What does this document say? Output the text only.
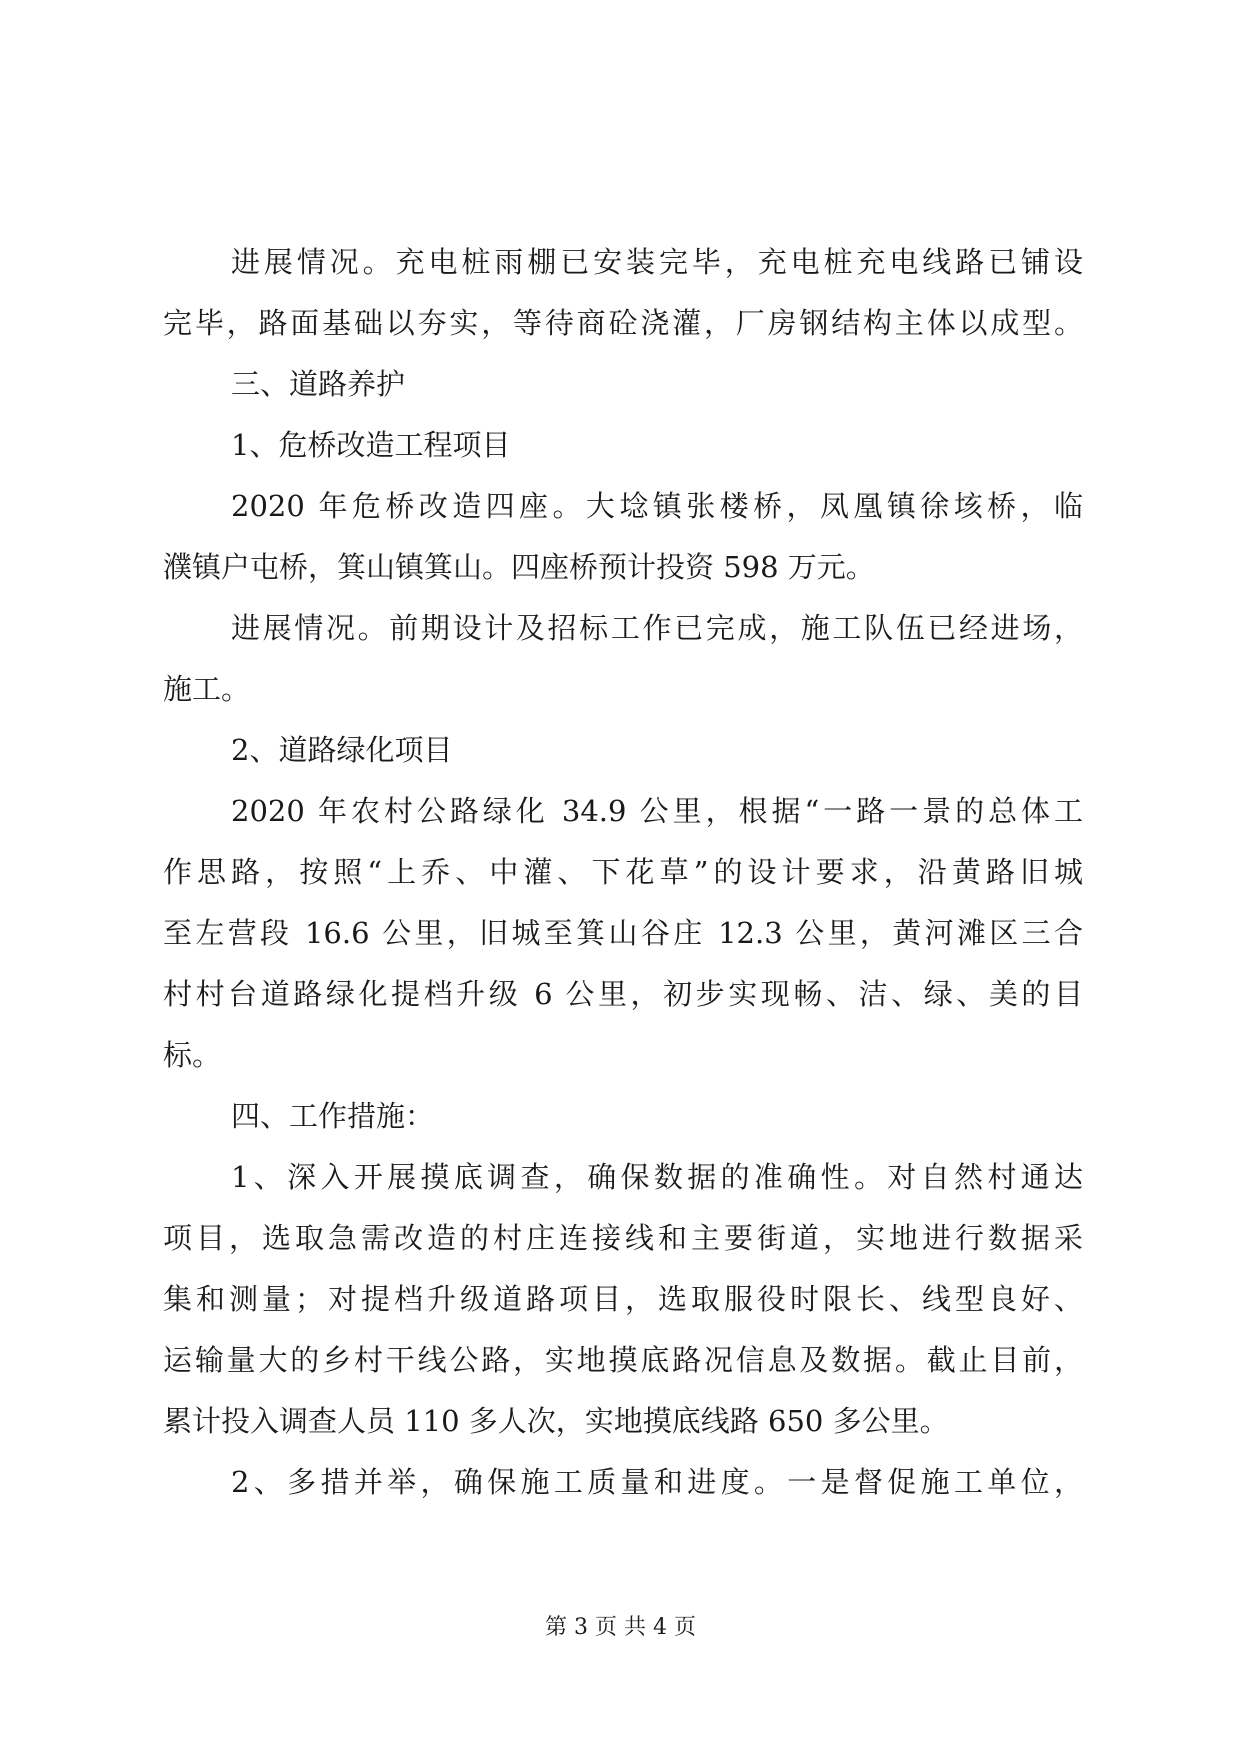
进展情况。充电桩雨棚已安装完毕，充电桩充电线路已铺设
完毕，路面基础以夯实，等待商砼浇灌，厂房钢结构主体以成型。
三、道路养护
1、危桥改造工程项目
2020 年危桥改造四座。大埝镇张楼桥，凤凰镇徐垓桥，临
濮镇户屯桥，箕山镇箕山。四座桥预计投资 598 万元。
进展情况。前期设计及招标工作已完成，施工队伍已经进场，
施工。
2、道路绿化项目
2020 年农村公路绿化 34.9 公里，根据“一路一景的总体工
作思路，按照“上乔、中灌、下花草”的设计要求，沿黄路旧城
至左营段 16.6 公里，旧城至箕山谷庄 12.3 公里，黄河滩区三合
村村台道路绿化提档升级 6 公里，初步实现畅、洁、绿、美的目
标。
四、工作措施：
1、深入开展摸底调查，确保数据的准确性。对自然村通达
项目，选取急需改造的村庄连接线和主要街道，实地进行数据采
集和测量；对提档升级道路项目，选取服役时限长、线型良好、
运输量大的乡村干线公路，实地摸底路况信息及数据。截止目前，
累计投入调查人员 110 多人次，实地摸底线路 650 多公里。
2、多措并举，确保施工质量和进度。一是督促施工单位，
第 3 页 共 4 页
